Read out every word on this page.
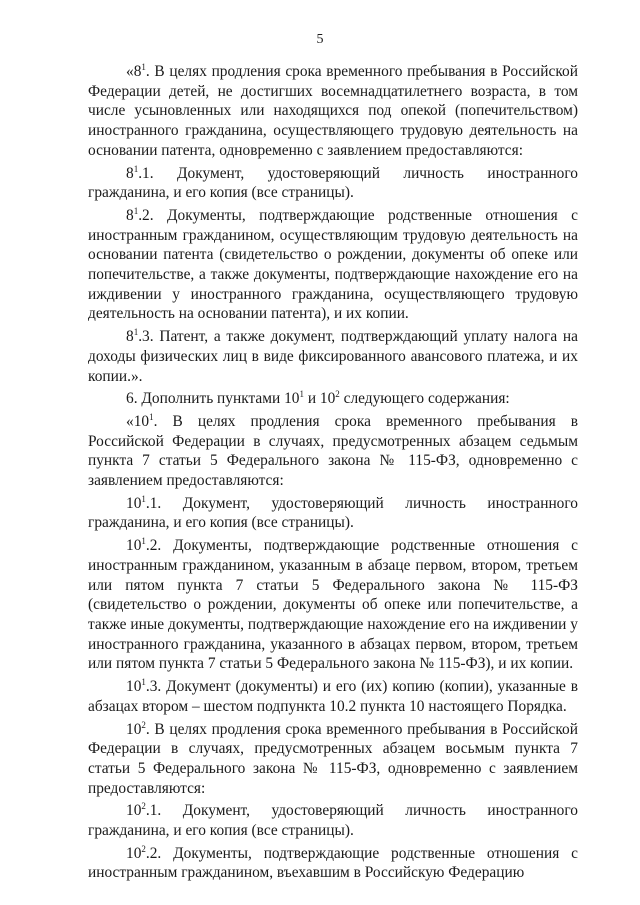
5

«$8^1$. В целях продления срока временного пребывания в Российской Федерации детей, не достигших восемнадцатилетнего возраста, в том числе усыновленных или находящихся под опекой (попечительством) иностранного гражданина, осуществляющего трудовую деятельность на основании патента, одновременно с заявлением предоставляются:

$8^1.1$. Документ, удостоверяющий личность иностранного гражданина, и его копия (все страницы).

$8^1.2$. Документы, подтверждающие родственные отношения с иностранным гражданином, осуществляющим трудовую деятельность на основании патента (свидетельство о рождении, документы об опеке или попечительстве, а также документы, подтверждающие нахождение его на иждивении у иностранного гражданина, осуществляющего трудовую деятельность на основании патента), и их копии.

$8^1.3$. Патент, а также документ, подтверждающий уплату налога на доходы физических лиц в виде фиксированного авансового платежа, и их копии.».

6. Дополнить пунктами $10^1$ и $10^2$ следующего содержания:

«$10^1$. В целях продления срока временного пребывания в Российской Федерации в случаях, предусмотренных абзацем седьмым пункта 7 статьи 5 Федерального закона № 115-ФЗ, одновременно с заявлением предоставляются:

$10^1.1$. Документ, удостоверяющий личность иностранного гражданина, и его копия (все страницы).

$10^1.2$. Документы, подтверждающие родственные отношения с иностранным гражданином, указанным в абзаце первом, втором, третьем или пятом пункта 7 статьи 5 Федерального закона № 115-ФЗ (свидетельство о рождении, документы об опеке или попечительстве, а также иные документы, подтверждающие нахождение его на иждивении у иностранного гражданина, указанного в абзацах первом, втором, третьем или пятом пункта 7 статьи 5 Федерального закона № 115-ФЗ), и их копии.

$10^1.3$. Документ (документы) и его (их) копию (копии), указанные в абзацах втором – шестом подпункта 10.2 пункта 10 настоящего Порядка.

$10^2$. В целях продления срока временного пребывания в Российской Федерации в случаях, предусмотренных абзацем восьмым пункта 7 статьи 5 Федерального закона № 115-ФЗ, одновременно с заявлением предоставляются:

$10^2.1$. Документ, удостоверяющий личность иностранного гражданина, и его копия (все страницы).

$10^2.2$. Документы, подтверждающие родственные отношения с иностранным гражданином, въехавшим в Российскую Федерацию
